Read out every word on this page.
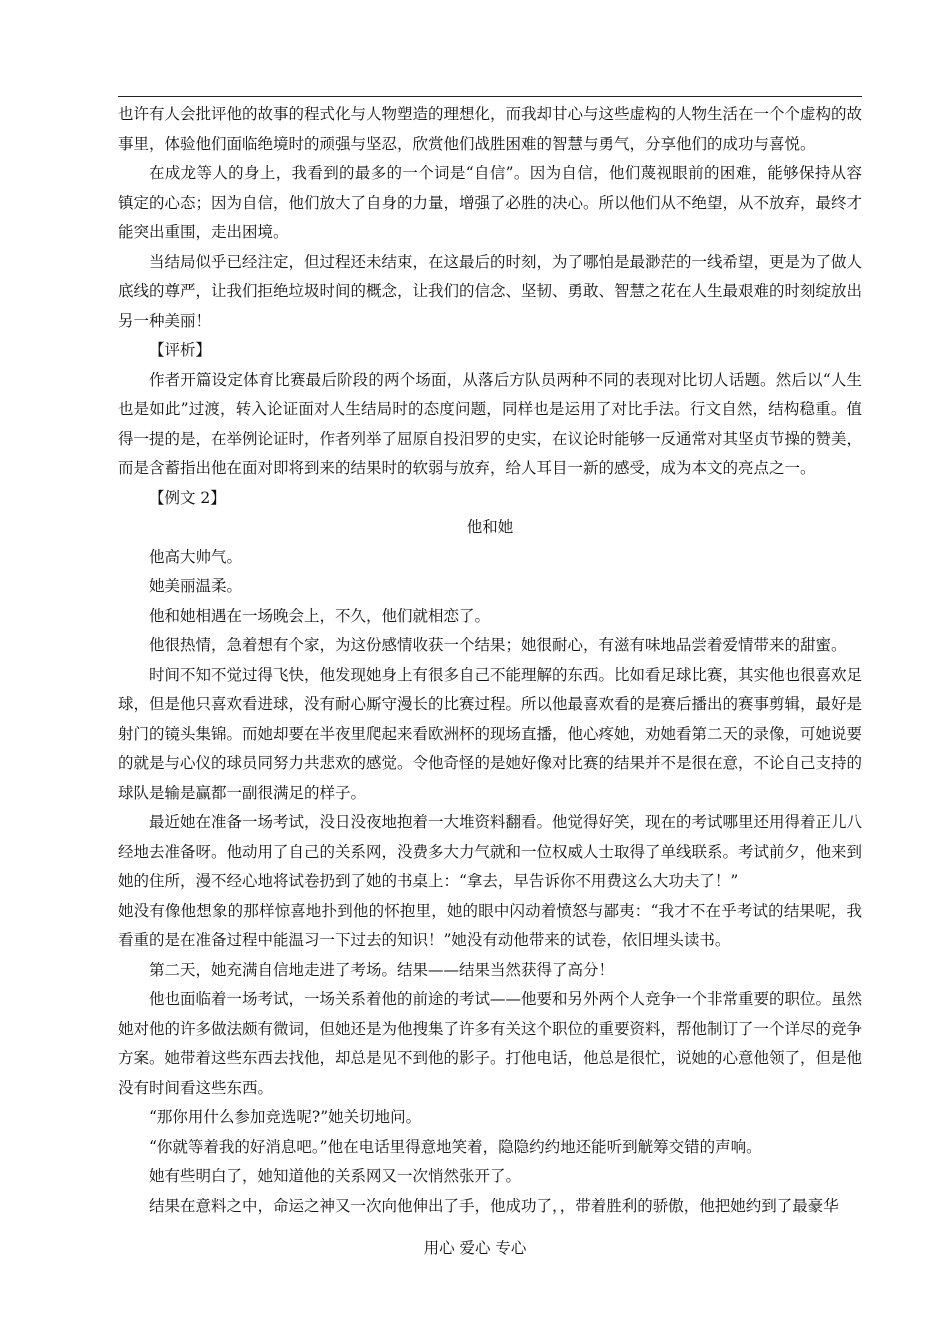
也许有人会批评他的故事的程式化与人物塑造的理想化，而我却甘心与这些虚构的人物生活在一个个虚构的故事里，体验他们面临绝境时的顽强与坚忍，欣赏他们战胜困难的智慧与勇气，分享他们的成功与喜悦。

在成龙等人的身上，我看到的最多的一个词是“自信”。因为自信，他们蔑视眼前的困难，能够保持从容镇定的心态；因为自信，他们放大了自身的力量，增强了必胜的决心。所以他们从不绝望，从不放弃，最终才能突出重围，走出困境。

当结局似乎已经注定，但过程还未结束，在这最后的时刻，为了哪怕是最渺茫的一线希望，更是为了做人底线的尊严，让我们拒绝垃圾时间的概念，让我们的信念、坚韧、勇敢、智慧之花在人生最艰难的时刻绽放出另一种美丽！

【评析】

作者开篇设定体育比赛最后阶段的两个场面，从落后方队员两种不同的表现对比切人话题。然后以“人生也是如此”过渡，转入论证面对人生结局时的态度问题，同样也是运用了对比手法。行文自然，结构稳重。值得一提的是，在举例论证时，作者列举了屈原自投汨罗的史实，在议论时能够一反通常对其坚贞节操的赞美，而是含蓄指出他在面对即将到来的结果时的软弱与放弃，给人耳目一新的感受，成为本文的亮点之一。

【例文 2】

他和她

他高大帅气。

她美丽温柔。

他和她相遇在一场晚会上，不久，他们就相恋了。

他很热情，急着想有个家，为这份感情收获一个结果；她很耐心，有滋有味地品尝着爱情带来的甜蜜。

时间不知不觉过得飞快，他发现她身上有很多自己不能理解的东西。比如看足球比赛，其实他也很喜欢足球，但是他只喜欢看进球，没有耐心厮守漫长的比赛过程。所以他最喜欢看的是赛后播出的赛事剪辑，最好是射门的镜头集锦。而她却要在半夜里爬起来看欧洲杯的现场直播，他心疼她，劝她看第二天的录像，可她说要的就是与心仪的球员同努力共悲欢的感觉。令他奇怪的是她好像对比赛的结果并不是很在意，不论自己支持的球队是输是赢都一副很满足的样子。

最近她在准备一场考试，没日没夜地抱着一大堆资料翻看。他觉得好笑，现在的考试哪里还用得着正儿八经地去准备呀。他动用了自己的关系网，没费多大力气就和一位权威人士取得了单线联系。考试前夕，他来到她的住所，漫不经心地将试卷扔到了她的书桌上：“拿去，早告诉你不用费这么大功夫了！”

她没有像他想象的那样惊喜地扑到他的怀抱里，她的眼中闪动着愤怒与鄙夷：“我才不在乎考试的结果呢，我看重的是在准备过程中能温习一下过去的知识！”她没有动他带来的试卷，依旧埋头读书。

第二天，她充满自信地走进了考场。结果——结果当然获得了高分！

他也面临着一场考试，一场关系着他的前途的考试——他要和另外两个人竞争一个非常重要的职位。虽然她对他的许多做法颇有微词，但她还是为他搜集了许多有关这个职位的重要资料，帮他制订了一个详尽的竞争方案。她带着这些东西去找他，却总是见不到他的影子。打他电话，他总是很忙，说她的心意他领了，但是他没有时间看这些东西。

“那你用什么参加竞选呢?”她关切地问。

“你就等着我的好消息吧。”他在电话里得意地笑着，隐隐约约地还能听到觥筹交错的声响。

她有些明白了，她知道他的关系网又一次悄然张开了。

结果在意料之中，命运之神又一次向他伸出了手，他成功了，，带着胜利的骄傲，他把她约到了最豪华

用心 爱心 专心
